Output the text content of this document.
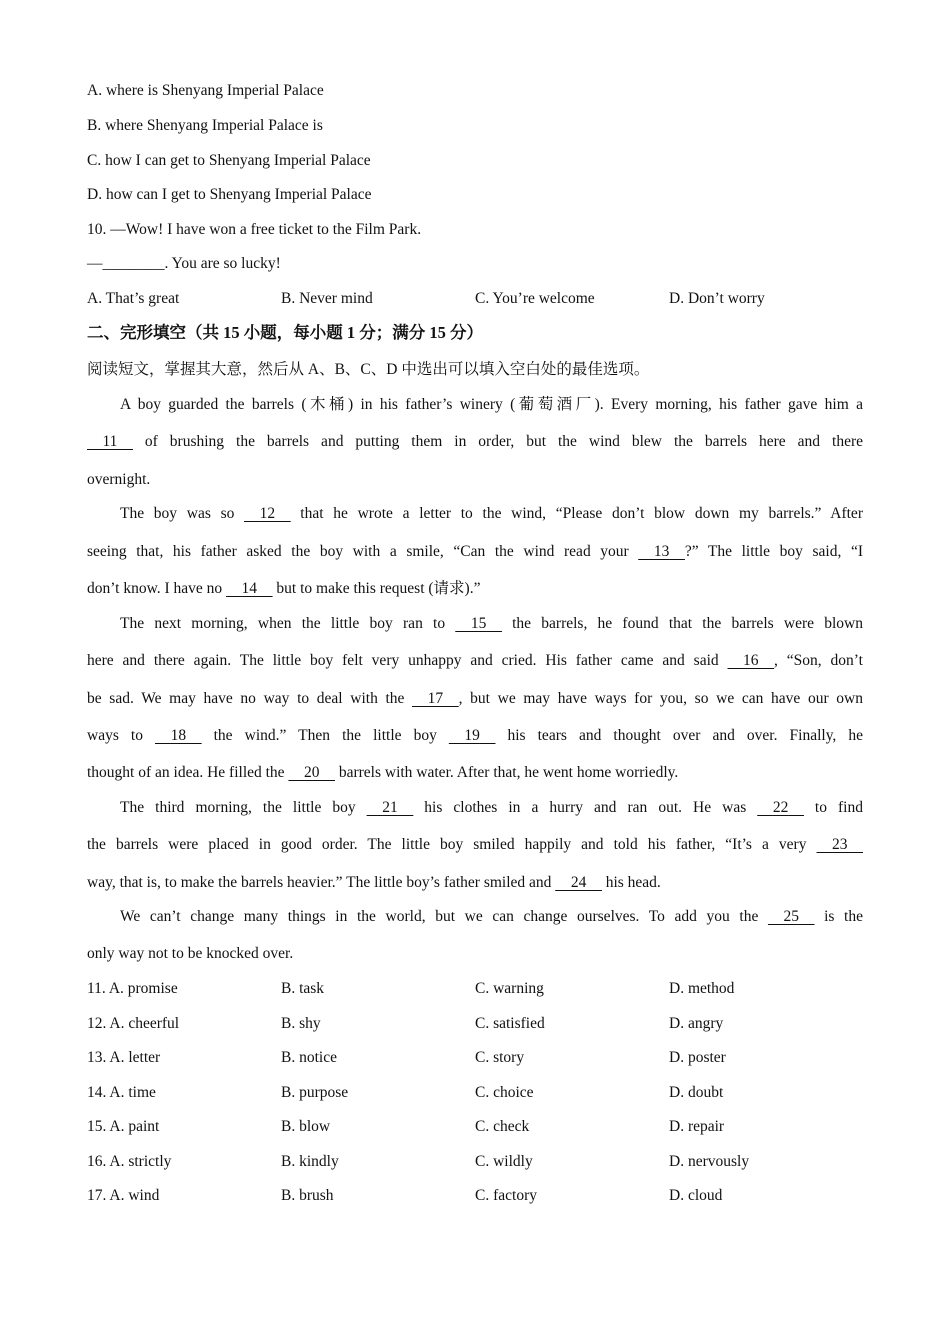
A. where is Shenyang Imperial Palace
B. where Shenyang Imperial Palace is
C. how I can get to Shenyang Imperial Palace
D. how can I get to Shenyang Imperial Palace
10. —Wow! I have won a free ticket to the Film Park.
—________. You are so lucky!
A. That’s great	B. Never mind	C. You’re welcome	D. Don’t worry
二、完形填空（共 15 小题，每小题 1 分；满分 15 分）
阅读短文，掌握其大意，然后从 A、B、C、D 中选出可以填入空白处的最佳选项。
A boy guarded the barrels (木桶) in his father’s winery (葡萄酒厂). Every morning, his father gave him a
11 of brushing the barrels and putting them in order, but the wind blew the barrels here and there
overnight.
The boy was so 12 that he wrote a letter to the wind, “Please don’t blow down my barrels.” After
seeing that, his father asked the boy with a smile, “Can the wind read your 13 ?” The little boy said, “I
don’t know. I have no 14 but to make this request (请求).”
The next morning, when the little boy ran to 15 the barrels, he found that the barrels were blown
here and there again. The little boy felt very unhappy and cried. His father came and said 16 , “Son, don’t
be sad. We may have no way to deal with the 17 , but we may have ways for you, so we can have our own
ways to 18 the wind.” Then the little boy 19 his tears and thought over and over. Finally, he
thought of an idea. He filled the 20 barrels with water. After that, he went home worriedly.
The third morning, the little boy 21 his clothes in a hurry and ran out. He was 22 to find
the barrels were placed in good order. The little boy smiled happily and told his father, “It’s a very 23
way, that is, to make the barrels heavier.” The little boy’s father smiled and 24 his head.
We can’t change many things in the world, but we can change ourselves. To add you the 25 is the
only way not to be knocked over.
11. A. promise	B. task	C. warning	D. method
12. A. cheerful	B. shy	C. satisfied	D. angry
13. A. letter	B. notice	C. story	D. poster
14. A. time	B. purpose	C. choice	D. doubt
15. A. paint	B. blow	C. check	D. repair
16. A. strictly	B. kindly	C. wildly	D. nervously
17. A. wind	B. brush	C. factory	D. cloud
